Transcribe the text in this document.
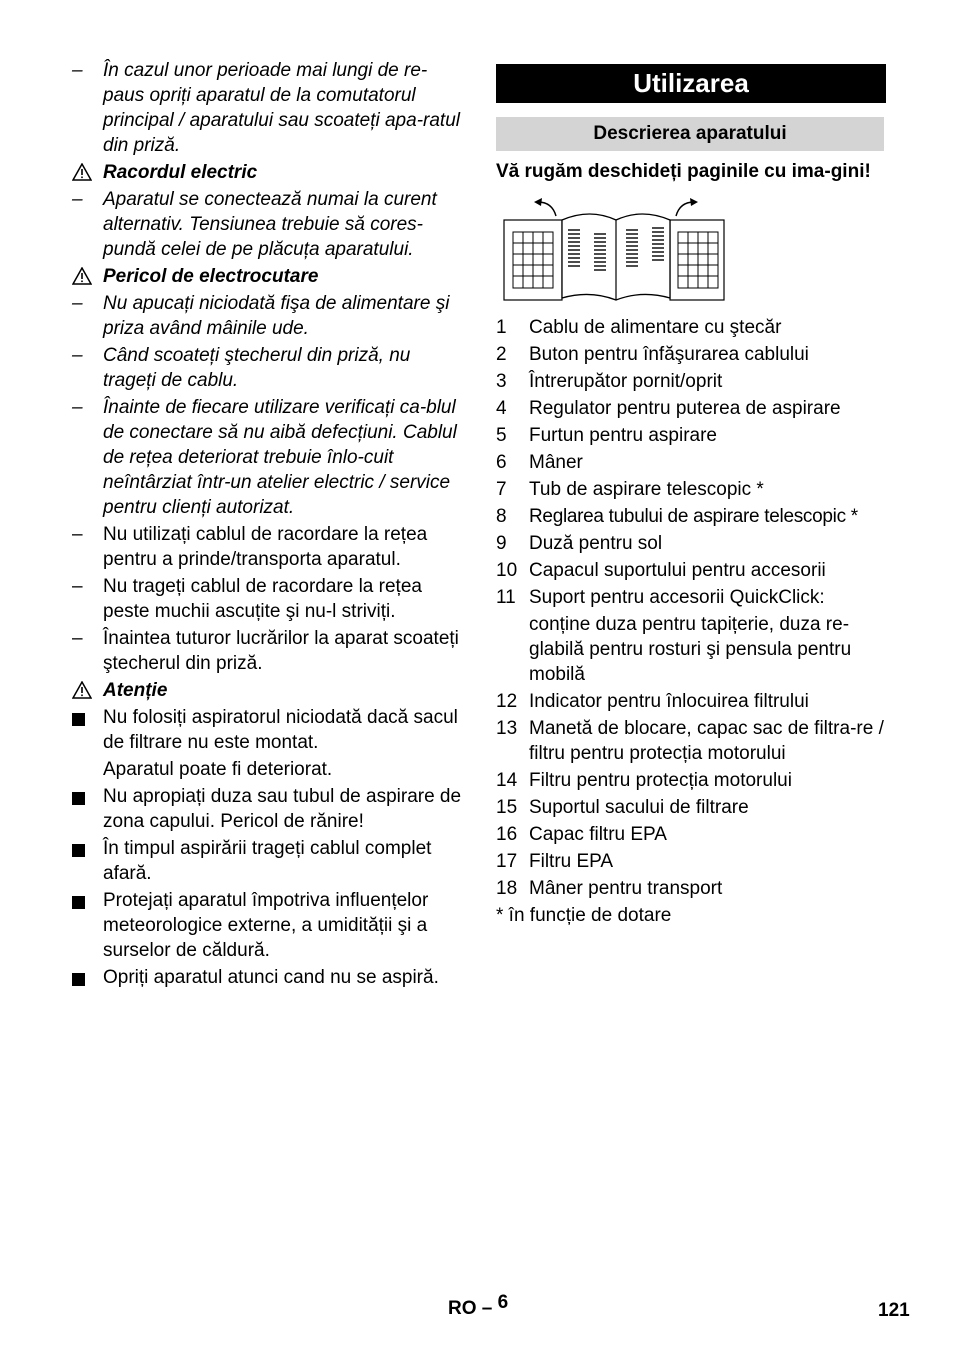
– În cazul unor perioade mai lungi de re-paus opriți aparatul de la comutatorul principal / aparatului sau scoateți apa-ratul din priză.
Racordul electric
– Aparatul se conectează numai la curent alternativ. Tensiunea trebuie să cores-pundă celei de pe plăcuța aparatului.
Pericol de electrocutare
– Nu apucați niciodată fişa de alimentare şi priza având mâinile ude.
– Când scoateți ştecherul din priză, nu trageți de cablu.
– Înainte de fiecare utilizare verificați ca-blul de conectare să nu aibă defecțiuni. Cablul de rețea deteriorat trebuie înlo-cuit neîntârziat într-un atelier electric / service pentru clienți autorizat.
– Nu utilizați cablul de racordare la rețea pentru a prinde/transporta aparatul.
– Nu trageți cablul de racordare la rețea peste muchii ascuțite şi nu-l striviți.
– Înaintea tuturor lucrărilor la aparat scoateți ştecherul din priză.
Atenție
Nu folosiți aspiratorul niciodată dacă sacul de filtrare nu este montat.
Aparatul poate fi deteriorat.
Nu apropiați duza sau tubul de aspirare de zona capului. Pericol de rănire!
În timpul aspirării trageți cablul complet afară.
Protejați aparatul împotriva influențelor meteorologice externe, a umidității şi a surselor de căldură.
Opriți aparatul atunci cand nu se aspiră.
Utilizarea
Descrierea aparatului
Vă rugăm deschideți paginile cu ima-gini!
1 Cablu de alimentare cu ştecăr
2 Buton pentru înfăşurarea cablului
3 Întrerupător pornit/oprit
4 Regulator pentru puterea de aspirare
5 Furtun pentru aspirare
6 Mâner
7 Tub de aspirare telescopic *
8 Reglarea tubului de aspirare telescopic *
9 Duză pentru sol
10 Capacul suportului pentru accesorii
11 Suport pentru accesorii QuickClick:
conține duza pentru tapițerie, duza re-glabilă pentru rosturi şi pensula pentru mobilă
12 Indicator pentru înlocuirea filtrului
13 Manetă de blocare, capac sac de filtra-re / filtru pentru protecția motorului
14 Filtru pentru protecția motorului
15 Suportul sacului de filtrare
16 Capac filtru EPA
17 Filtru EPA
18 Mâner pentru transport
* în funcție de dotare
RO – 6	121
